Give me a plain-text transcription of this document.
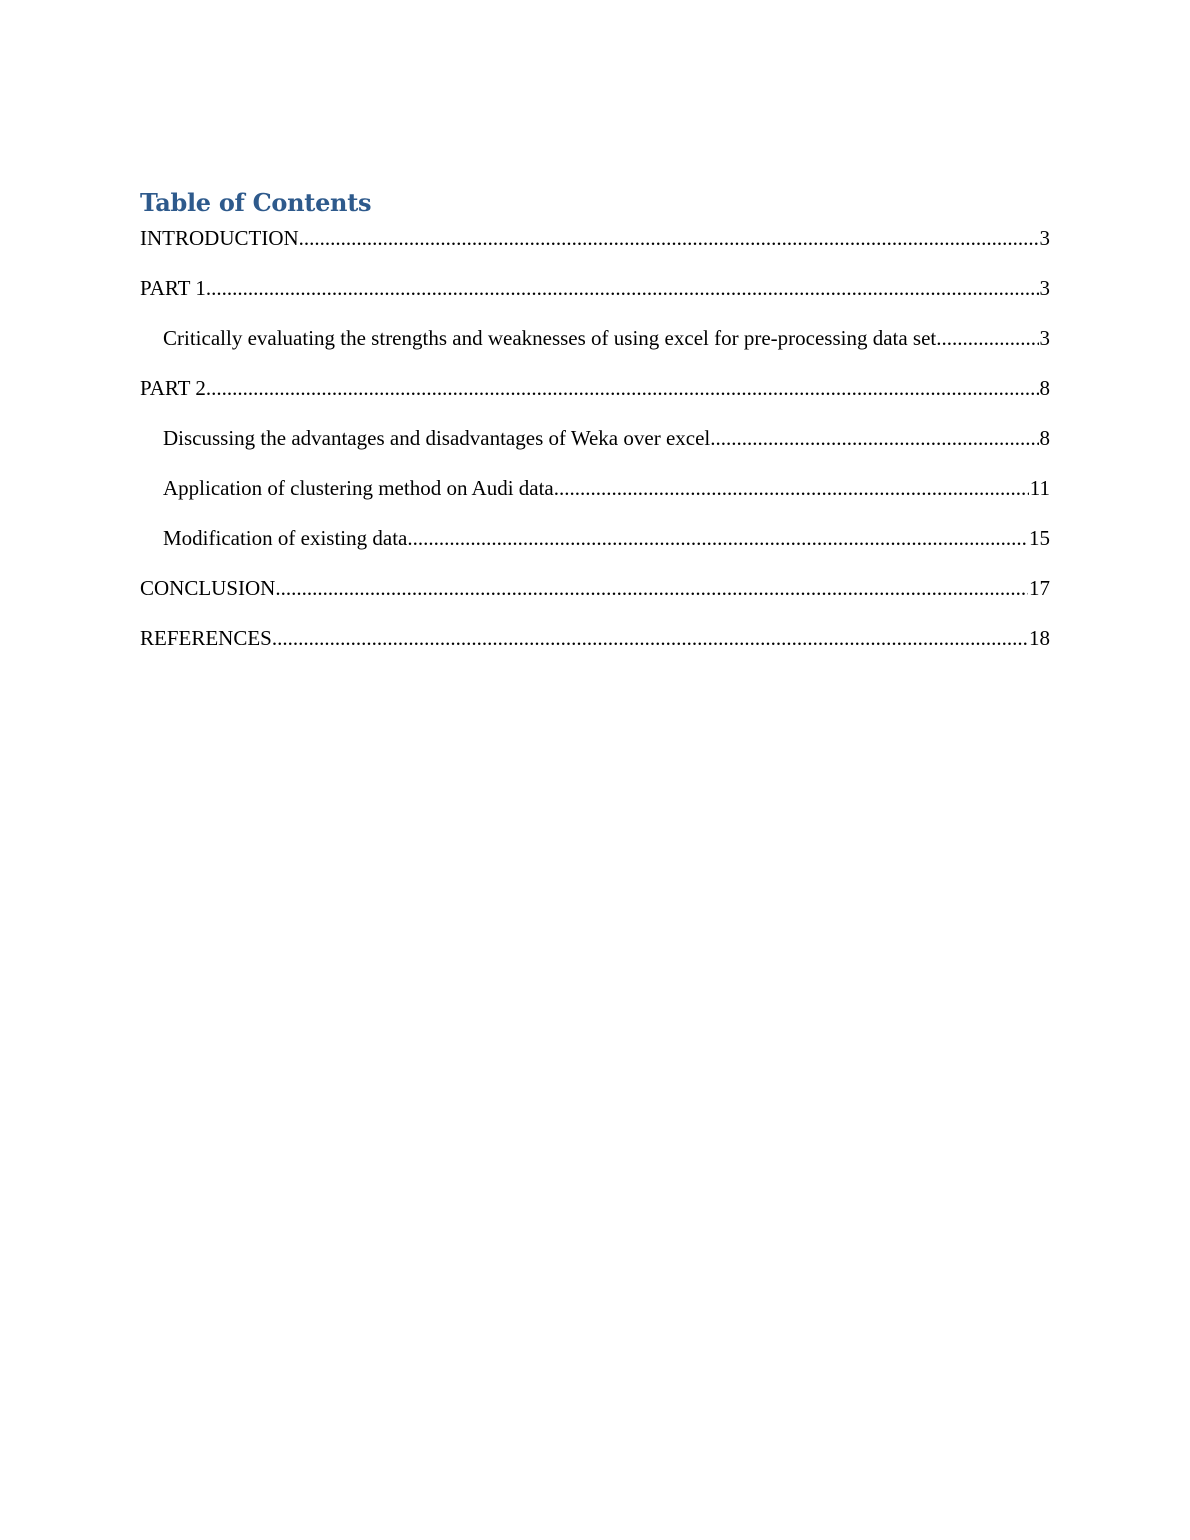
Table of Contents
INTRODUCTION .....	3
PART 1 .....	3
Critically evaluating the strengths and weaknesses of using excel for pre-processing data set. .....	3
PART 2 .....	8
Discussing the advantages and disadvantages of Weka over excel .....	8
Application of clustering method on Audi data .....	11
Modification of existing data .....	15
CONCLUSION .....	17
REFERENCES .....	18
